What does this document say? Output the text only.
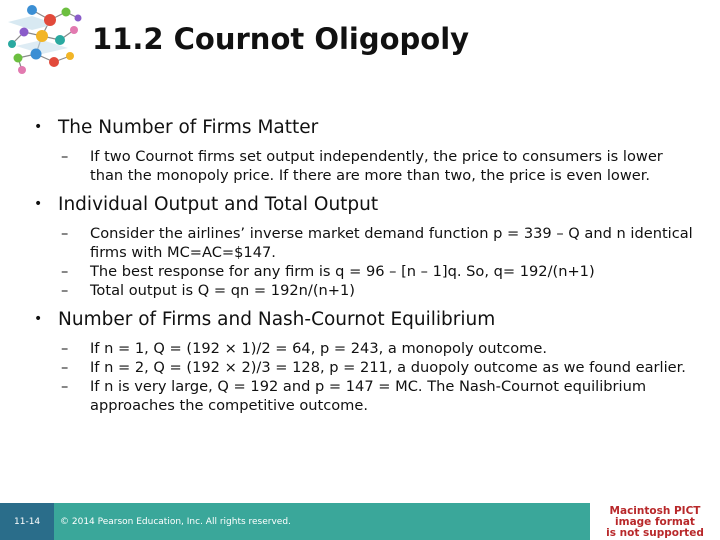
11.2 Cournot Oligopoly
• The Number of Firms Matter
–	If two Cournot firms set output independently, the price to consumers is lower than the monopoly price. If there are more than two, the price is even lower.
• Individual Output and Total Output
–	Consider the airlines’ inverse market demand function p = 339 – Q and n identical firms with MC=AC=$147.
–	The best response for any firm is q = 96 – [n – 1]q. So, q= 192/(n+1)
–	Total output is Q = qn = 192n/(n+1)
• Number of Firms and Nash-Cournot Equilibrium
–	If n = 1, Q = (192 × 1)/2 = 64, p = 243, a monopoly outcome.
–	If n = 2, Q = (192 × 2)/3 = 128, p = 211, a duopoly outcome as we found earlier.
–	If n is very large, Q = 192 and p = 147 = MC. The Nash-Cournot equilibrium approaches the competitive outcome.
11-14 © 2014 Pearson Education, Inc. All rights reserved.
Macintosh PICT
image format
is not supported
